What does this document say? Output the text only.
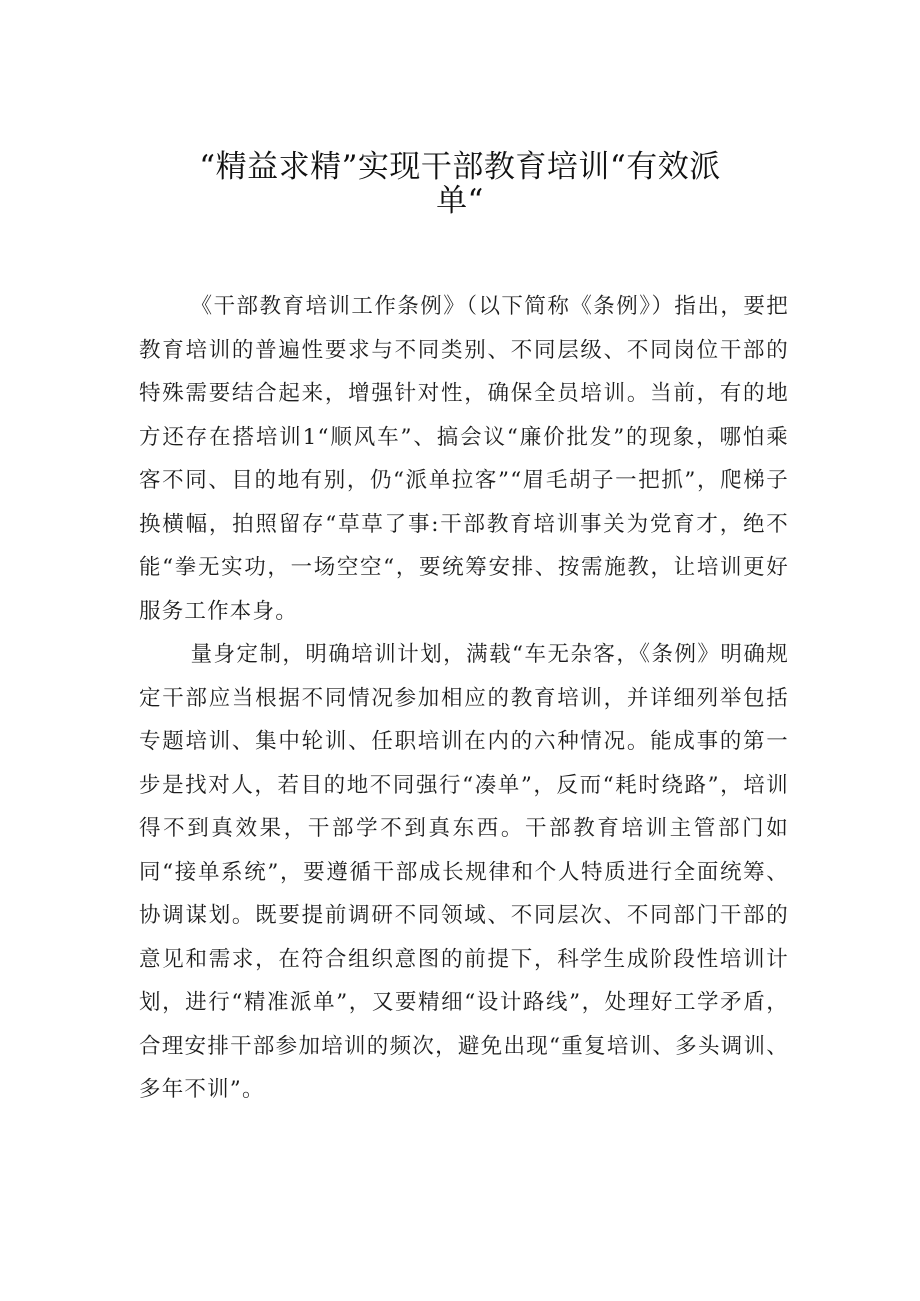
“精益求精”实现干部教育培训“有效派
单“

《干部教育培训工作条例》（以下简称《条例》）指出，要把教育培训的普遍性要求与不同类别、不同层级、不同岗位干部的特殊需要结合起来，增强针对性，确保全员培训。当前，有的地方还存在搭培训1“顺风车”、搞会议“廉价批发”的现象，哪怕乘客不同、目的地有别，仍“派单拉客”“眉毛胡子一把抓”，爬梯子换横幅，拍照留存“草草了事:干部教育培训事关为党育才，绝不能“拳无实功，一场空空“，要统筹安排、按需施教，让培训更好服务工作本身。

量身定制，明确培训计划，满载“车无杂客，《条例》明确规定干部应当根据不同情况参加相应的教育培训，并详细列举包括专题培训、集中轮训、任职培训在内的六种情况。能成事的第一步是找对人，若目的地不同强行“凑单”，反而“耗时绕路”，培训得不到真效果，干部学不到真东西。干部教育培训主管部门如同“接单系统”，要遵循干部成长规律和个人特质进行全面统筹、协调谋划。既要提前调研不同领域、不同层次、不同部门干部的意见和需求，在符合组织意图的前提下，科学生成阶段性培训计划，进行“精准派单”，又要精细“设计路线”，处理好工学矛盾，合理安排干部参加培训的频次，避免出现“重复培训、多头调训、多年不训”。
